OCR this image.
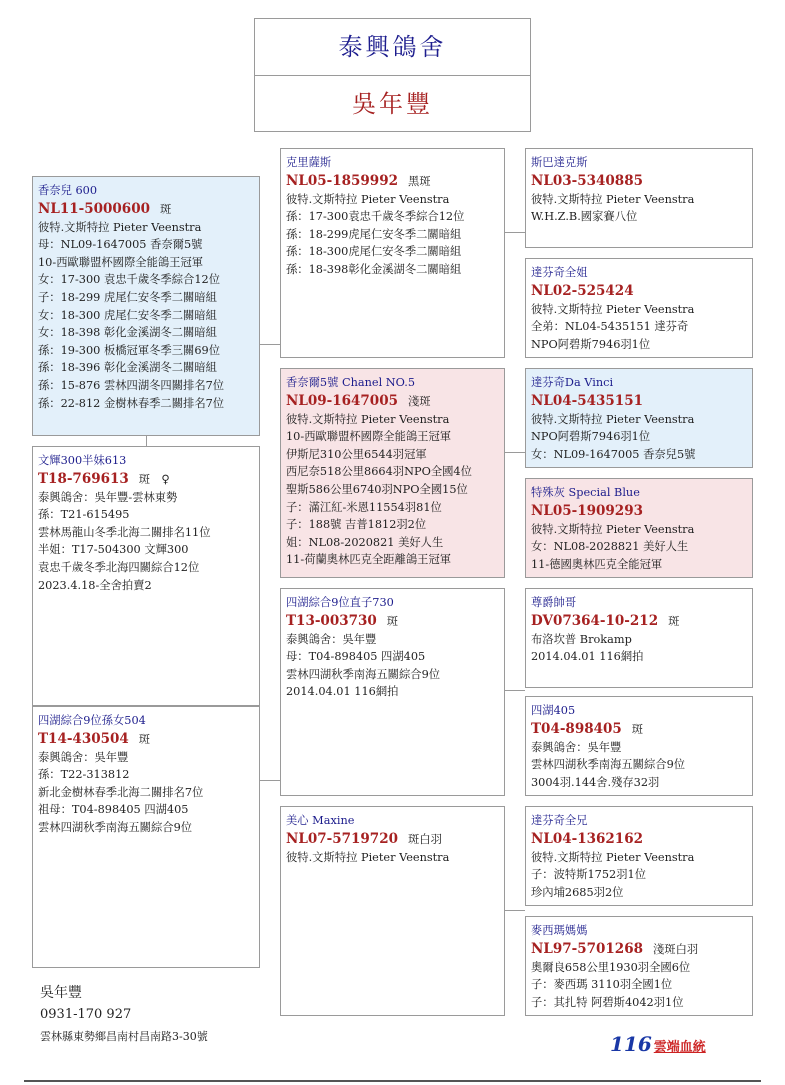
泰興鴿舍
吳年豐
香奈兒 600
NL11-5000600 斑
彼特.文斯特拉 Pieter Veenstra
母：NL09-1647005 香奈爾5號
10-西歐聯盟杯國際全能鴿王冠軍
女：17-300 袁忠千歲冬季綜合12位
子：18-299 虎尾仁安冬季二關暗組
女：18-300 虎尾仁安冬季二關暗組
女：18-398 彰化金溪湖冬二關暗組
孫：19-300 板橋冠軍冬季三關69位
孫：18-396 彰化金溪湖冬二關暗組
孫：15-876 雲林四湖冬四關排名7位
孫：22-812 金樹林春季二關排名7位
文輝300半妹613
T18-769613 斑　♀
泰興鴿舍：吳年豐-雲林東勢
孫：T21-615495
雲林馬龍山冬季北海二關排名11位
半姐：T17-504300 文輝300
袁忠千歲冬季北海四關綜合12位
2023.4.18-全舍拍賣2
四湖綜合9位孫女504
T14-430504 斑
泰興鴿舍：吳年豐
孫：T22-313812
新北金樹林春季北海二關排名7位
祖母：T04-898405 四湖405
雲林四湖秋季南海五關綜合9位
克里薩斯
NL05-1859992 黑斑
彼特.文斯特拉 Pieter Veenstra
孫：17-300袁忠千歲冬季綜合12位
孫：18-299虎尾仁安冬季二關暗組
孫：18-300虎尾仁安冬季二關暗組
孫：18-398彰化金溪湖冬二關暗組
香奈爾5號 Chanel NO.5
NL09-1647005 淺斑
彼特.文斯特拉 Pieter Veenstra
10-西歐聯盟杯國際全能鴿王冠軍
伊斯尼310公里6544羽冠軍
西尼奈518公里8664羽NPO全國4位
聖斯586公里6740羽NPO全國15位
子：滿江紅-米恩11554羽81位
子：188號 吉普1812羽2位
姐：NL08-2020821 美好人生
11-荷蘭奧林匹克全距離鴿王冠軍
四湖綜合9位直子730
T13-003730 斑
泰興鴿舍：吳年豐
母：T04-898405 四湖405
雲林四湖秋季南海五關綜合9位
2014.04.01 116網拍
美心 Maxine
NL07-5719720 斑白羽
彼特.文斯特拉 Pieter Veenstra
斯巴達克斯
NL03-5340885
彼特.文斯特拉 Pieter Veenstra
W.H.Z.B.國家賽八位
達芬奇全姐
NL02-525424
彼特.文斯特拉 Pieter Veenstra
全弟：NL04-5435151 達芬奇
NPO阿碧斯7946羽1位
達芬奇Da Vinci
NL04-5435151
彼特.文斯特拉 Pieter Veenstra
NPO阿碧斯7946羽1位
女：NL09-1647005 香奈兒5號
特殊灰 Special Blue
NL05-1909293
彼特.文斯特拉 Pieter Veenstra
女：NL08-2028821 美好人生
11-德國奧林匹克全能冠軍
尊爵帥哥
DV07364-10-212 斑
布洛坎普 Brokamp
2014.04.01 116網拍
四湖405
T04-898405 斑
泰興鴿舍：吳年豐
雲林四湖秋季南海五關綜合9位
3004羽.144舍.殘存32羽
達芬奇全兄
NL04-1362162
彼特.文斯特拉 Pieter Veenstra
子：波特斯1752羽1位
珍內埔2685羽2位
麥西瑪媽媽
NL97-5701268 淺斑白羽
奧爾良658公里1930羽全國6位
子：麥西瑪 3110羽全國1位
子：其扎特 阿碧斯4042羽1位
吳年豐
0931-170 927
雲林縣東勢鄉昌南村昌南路3-30號	116 雲端血統
